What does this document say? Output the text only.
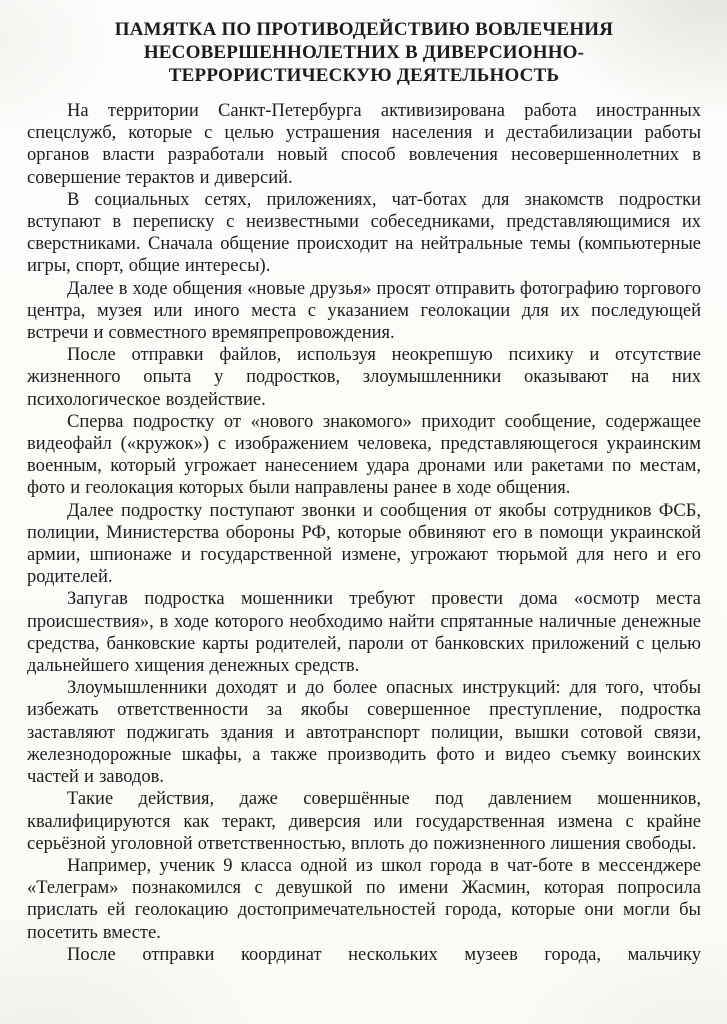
ПАМЯТКА ПО ПРОТИВОДЕЙСТВИЮ ВОВЛЕЧЕНИЯ
НЕСОВЕРШЕННОЛЕТНИХ В ДИВЕРСИОННО-
ТЕРРОРИСТИЧЕСКУЮ ДЕЯТЕЛЬНОСТЬ

На территории Санкт-Петербурга активизирована работа иностранных спецслужб, которые с целью устрашения населения и дестабилизации работы органов власти разработали новый способ вовлечения несовершеннолетних в совершение терактов и диверсий.

В социальных сетях, приложениях, чат-ботах для знакомств подростки вступают в переписку с неизвестными собеседниками, представляющимися их сверстниками. Сначала общение происходит на нейтральные темы (компьютерные игры, спорт, общие интересы).

Далее в ходе общения «новые друзья» просят отправить фотографию торгового центра, музея или иного места с указанием геолокации для их последующей встречи и совместного времяпрепровождения.

После отправки файлов, используя неокрепшую психику и отсутствие жизненного опыта у подростков, злоумышленники оказывают на них психологическое воздействие.

Сперва подростку от «нового знакомого» приходит сообщение, содержащее видеофайл («кружок») с изображением человека, представляющегося украинским военным, который угрожает нанесением удара дронами или ракетами по местам, фото и геолокация которых были направлены ранее в ходе общения.

Далее подростку поступают звонки и сообщения от якобы сотрудников ФСБ, полиции, Министерства обороны РФ, которые обвиняют его в помощи украинской армии, шпионаже и государственной измене, угрожают тюрьмой для него и его родителей.

Запугав подростка мошенники требуют провести дома «осмотр места происшествия», в ходе которого необходимо найти спрятанные наличные денежные средства, банковские карты родителей, пароли от банковских приложений с целью дальнейшего хищения денежных средств.

Злоумышленники доходят и до более опасных инструкций: для того, чтобы избежать ответственности за якобы совершенное преступление, подростка заставляют поджигать здания и автотранспорт полиции, вышки сотовой связи, железнодорожные шкафы, а также производить фото и видео съемку воинских частей и заводов.

Такие действия, даже совершённые под давлением мошенников, квалифицируются как теракт, диверсия или государственная измена с крайне серьёзной уголовной ответственностью, вплоть до пожизненного лишения свободы.

Например, ученик 9 класса одной из школ города в чат-боте в мессенджере «Телеграм» познакомился с девушкой по имени Жасмин, которая попросила прислать ей геолокацию достопримечательностей города, которые они могли бы посетить вместе.

После отправки координат нескольких музеев города, мальчику
